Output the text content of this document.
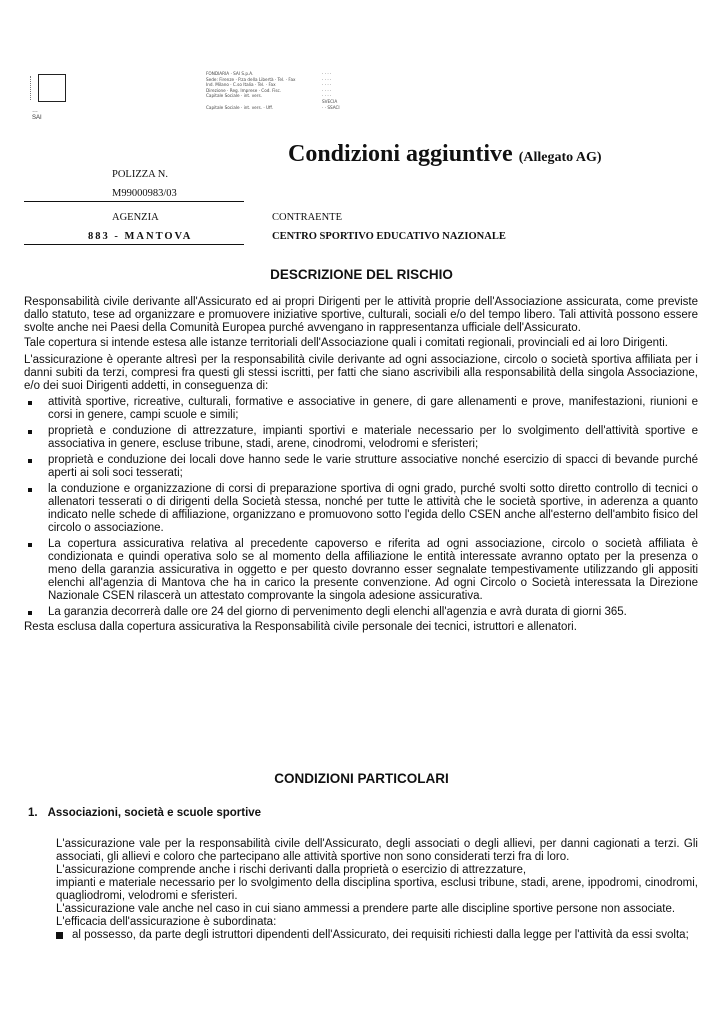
…
SAI
FONDIARIA · SAI S.p.A.
Sede: Firenze · P.za della Libertà · Tel. · Fax
Ind. Milano · C.so Italia · Tel. · Fax
Direzione · Reg. Imprese · Cod. Fisc.
Capitale Sociale · int. vers.

Capitale Sociale · int. vers. · Uff.
· · · ·
· · · ·
· · · ·
· · · ·
· · · ·
SVECIA
· · SSACI
Condizioni aggiuntive (Allegato AG)
POLIZZA N.
M99000983/03
AGENZIA
883 - MANTOVA
CONTRAENTE
CENTRO SPORTIVO EDUCATIVO NAZIONALE
DESCRIZIONE DEL RISCHIO

Responsabilità civile derivante all'Assicurato ed ai propri Dirigenti per le attività proprie dell'Associazione assicurata, come previste dallo statuto, tese ad organizzare e promuovere iniziative sportive, culturali, sociali e/o del tempo libero. Tali attività possono essere svolte anche nei Paesi della Comunità Europea purché avvengano in rappresentanza ufficiale dell'Assicurato.

Tale copertura si intende estesa alle istanze territoriali dell'Associazione quali i comitati regionali, provinciali ed ai loro Dirigenti.

L'assicurazione è operante altresì per la responsabilità civile derivante ad ogni associazione, circolo o società sportiva affiliata per i danni subiti da terzi, compresi fra questi gli stessi iscritti, per fatti che siano ascrivibili alla responsabilità della singola Associazione, e/o dei suoi Dirigenti addetti, in conseguenza di:

attività sportive, ricreative, culturali, formative e associative in genere, di gare allenamenti e prove, manifestazioni, riunioni e corsi in genere, campi scuole e simili;
proprietà e conduzione di attrezzature, impianti sportivi e materiale necessario per lo svolgimento dell'attività sportive e associativa in genere, escluse tribune, stadi, arene, cinodromi, velodromi e sferisteri;
proprietà e conduzione dei locali dove hanno sede le varie strutture associative nonché esercizio di spacci di bevande purché aperti ai soli soci tesserati;
la conduzione e organizzazione di corsi di preparazione sportiva di ogni grado, purché svolti sotto diretto controllo di tecnici o allenatori tesserati o di dirigenti della Società stessa, nonché per tutte le attività che le società sportive, in aderenza a quanto indicato nelle schede di affiliazione, organizzano e promuovono sotto l'egida dello CSEN anche all'esterno dell'ambito fisico del circolo o associazione.
La copertura assicurativa relativa al precedente capoverso e riferita ad ogni associazione, circolo o società affiliata è condizionata e quindi operativa solo se al momento della affiliazione le entità interessate avranno optato per la presenza o meno della garanzia assicurativa in oggetto e per questo dovranno esser segnalate tempestivamente utilizzando gli appositi elenchi all'agenzia di Mantova che ha in carico la presente convenzione. Ad ogni Circolo o Società interessata la Direzione Nazionale CSEN rilascerà un attestato comprovante la singola adesione assicurativa.
La garanzia decorrerà dalle ore 24 del giorno di pervenimento degli elenchi all'agenzia e avrà durata di giorni 365.

Resta esclusa dalla copertura assicurativa la Responsabilità civile personale dei tecnici, istruttori e allenatori.

CONDIZIONI PARTICOLARI
1. Associazioni, società e scuole sportive

L'assicurazione vale per la responsabilità civile dell'Assicurato, degli associati o degli allievi, per danni cagionati a terzi. Gli associati, gli allievi e coloro che partecipano alle attività sportive non sono considerati terzi fra di loro.

L'assicurazione comprende anche i rischi derivanti dalla proprietà o esercizio di attrezzature,

impianti e materiale necessario per lo svolgimento della disciplina sportiva, esclusi tribune, stadi, arene, ippodromi, cinodromi, quagliodromi, velodromi e sferisteri.

L'assicurazione vale anche nel caso in cui siano ammessi a prendere parte alle discipline sportive persone non associate.

L'efficacia dell'assicurazione è subordinata:

al possesso, da parte degli istruttori dipendenti dell'Assicurato, dei requisiti richiesti dalla legge per l'attività da essi svolta;
